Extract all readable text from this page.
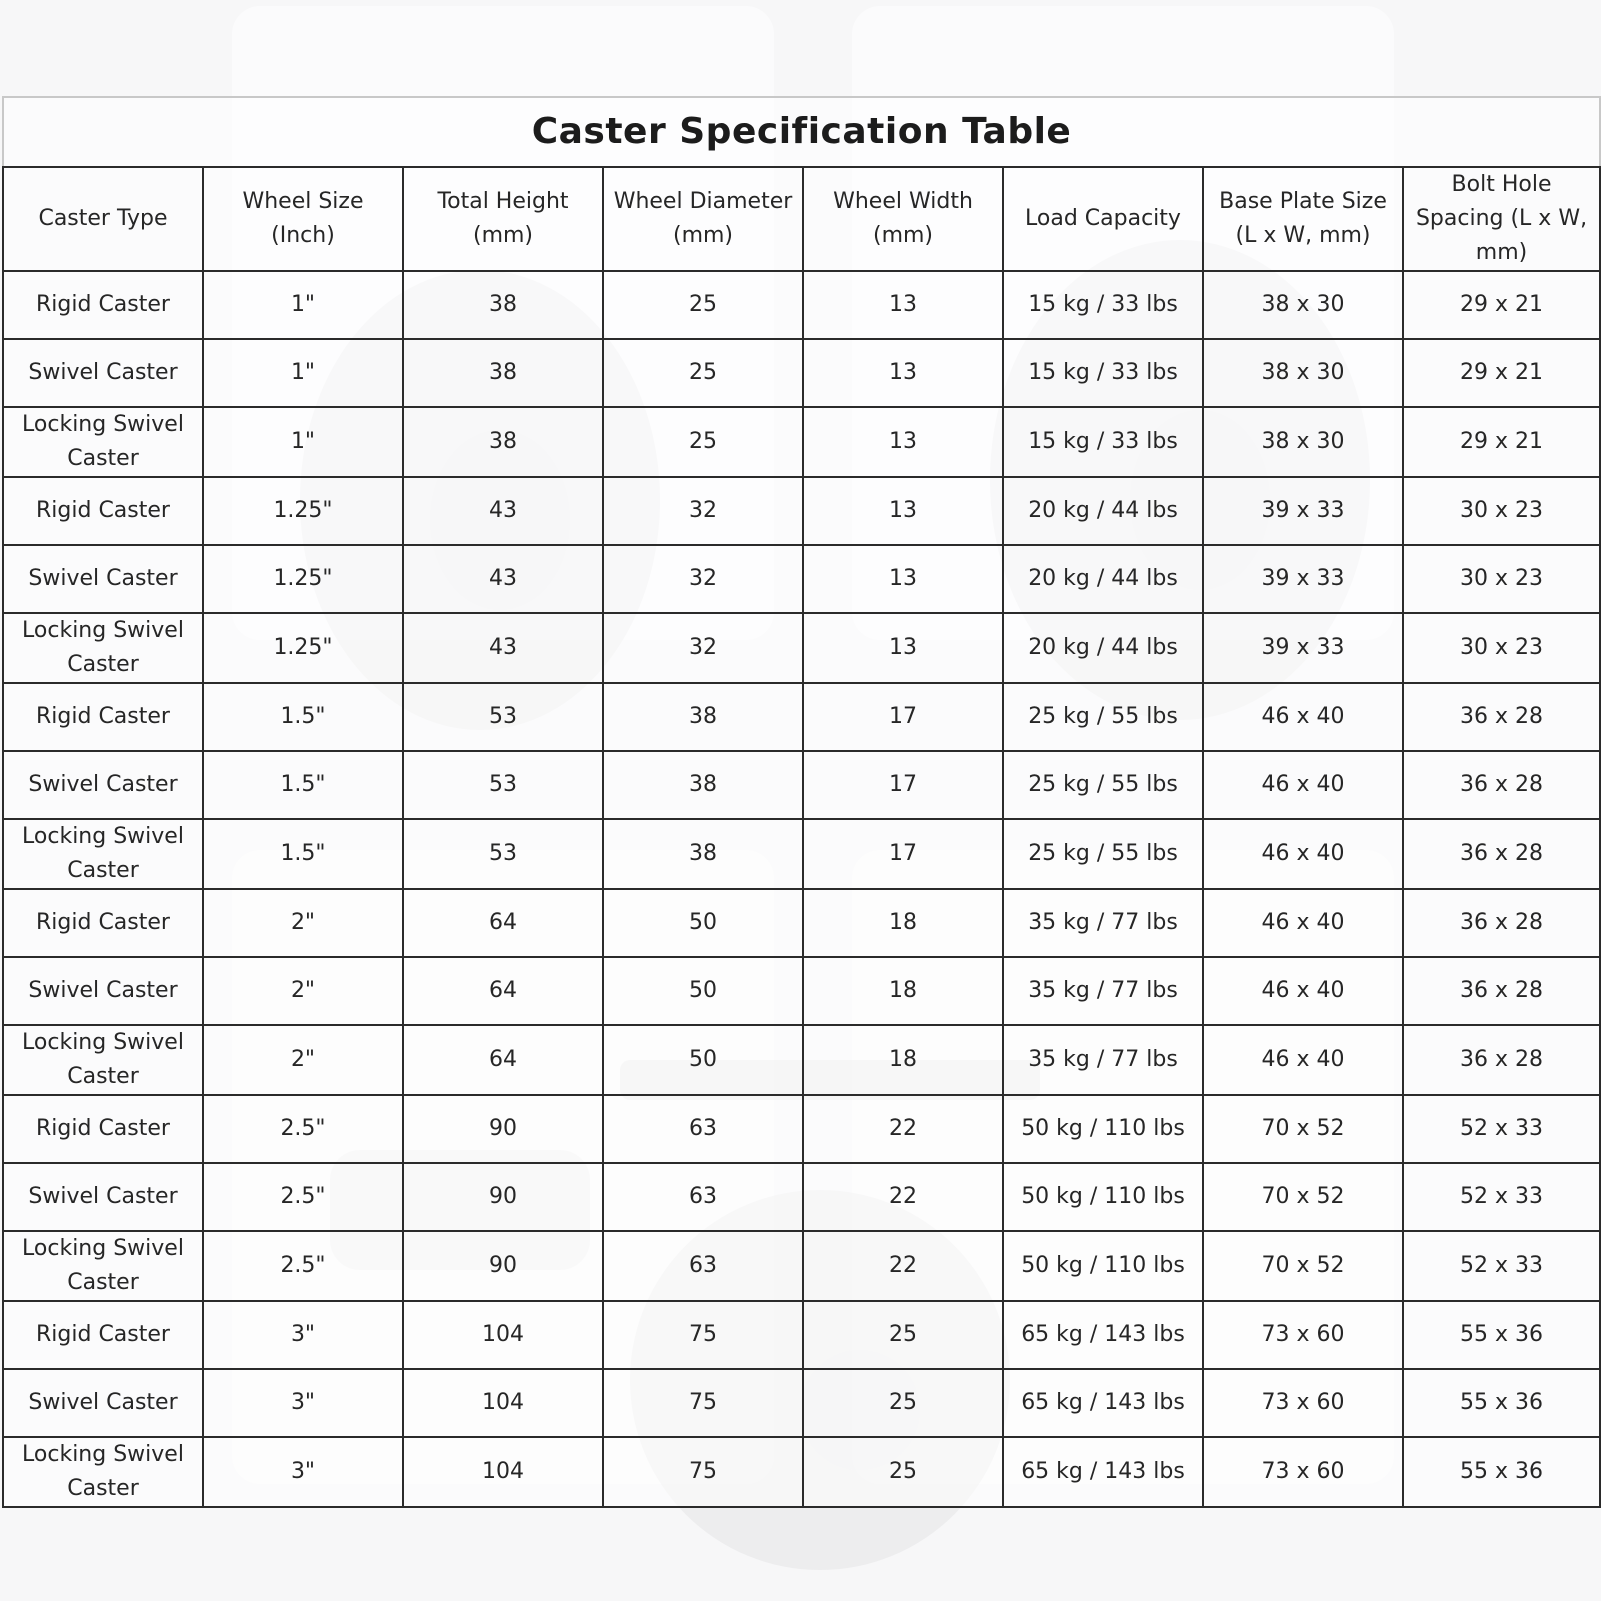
Caster Specification Table							
Caster Type	Wheel Size (Inch)	Total Height (mm)	Wheel Diameter (mm)	Wheel Width (mm)	Load Capacity	Base Plate Size (L x W, mm)	Bolt Hole Spacing (L x W, mm)
Rigid Caster	1"	38	25	13	15 kg / 33 lbs	38 x 30	29 x 21
Swivel Caster	1"	38	25	13	15 kg / 33 lbs	38 x 30	29 x 21
Locking Swivel Caster	1"	38	25	13	15 kg / 33 lbs	38 x 30	29 x 21
Rigid Caster	1.25"	43	32	13	20 kg / 44 lbs	39 x 33	30 x 23
Swivel Caster	1.25"	43	32	13	20 kg / 44 lbs	39 x 33	30 x 23
Locking Swivel Caster	1.25"	43	32	13	20 kg / 44 lbs	39 x 33	30 x 23
Rigid Caster	1.5"	53	38	17	25 kg / 55 lbs	46 x 40	36 x 28
Swivel Caster	1.5"	53	38	17	25 kg / 55 lbs	46 x 40	36 x 28
Locking Swivel Caster	1.5"	53	38	17	25 kg / 55 lbs	46 x 40	36 x 28
Rigid Caster	2"	64	50	18	35 kg / 77 lbs	46 x 40	36 x 28
Swivel Caster	2"	64	50	18	35 kg / 77 lbs	46 x 40	36 x 28
Locking Swivel Caster	2"	64	50	18	35 kg / 77 lbs	46 x 40	36 x 28
Rigid Caster	2.5"	90	63	22	50 kg / 110 lbs	70 x 52	52 x 33
Swivel Caster	2.5"	90	63	22	50 kg / 110 lbs	70 x 52	52 x 33
Locking Swivel Caster	2.5"	90	63	22	50 kg / 110 lbs	70 x 52	52 x 33
Rigid Caster	3"	104	75	25	65 kg / 143 lbs	73 x 60	55 x 36
Swivel Caster	3"	104	75	25	65 kg / 143 lbs	73 x 60	55 x 36
Locking Swivel Caster	3"	104	75	25	65 kg / 143 lbs	73 x 60	55 x 36
